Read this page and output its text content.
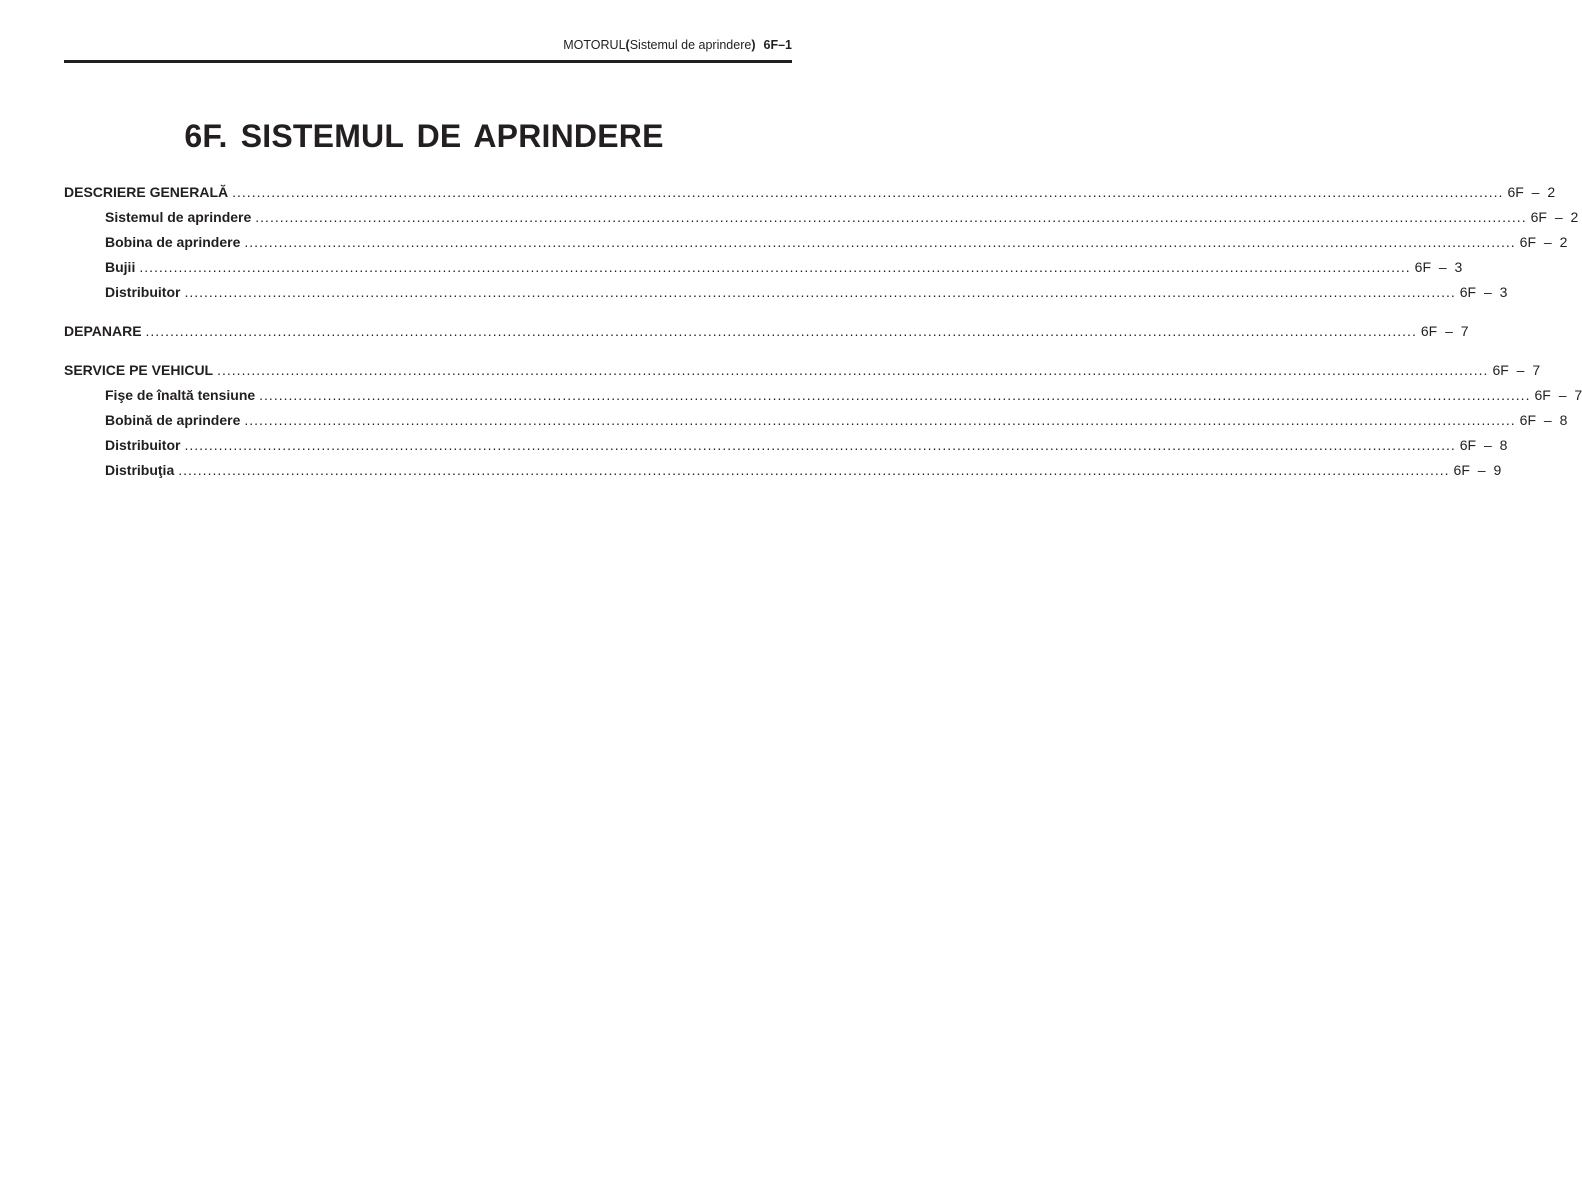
MOTORUL(Sistemul de aprindere) 6F–1
6F. SISTEMUL DE APRINDERE
DESCRIERE GENERALĂ .................................................................................................................................................................................................................................................................... 6F – 2
Sistemul de aprindere .................................................................................................................................................................................................................................................................... 6F – 2
Bobina de aprindere .................................................................................................................................................................................................................................................................... 6F – 2
Bujii .................................................................................................................................................................................................................................................................... 6F – 3
Distribuitor .................................................................................................................................................................................................................................................................... 6F – 3
DEPANARE .................................................................................................................................................................................................................................................................... 6F – 7
SERVICE PE VEHICUL .................................................................................................................................................................................................................................................................... 6F – 7
Fişe de înaltă tensiune .................................................................................................................................................................................................................................................................... 6F – 7
Bobină de aprindere .................................................................................................................................................................................................................................................................... 6F – 8
Distribuitor .................................................................................................................................................................................................................................................................... 6F – 8
Distribuţia .................................................................................................................................................................................................................................................................... 6F – 9
